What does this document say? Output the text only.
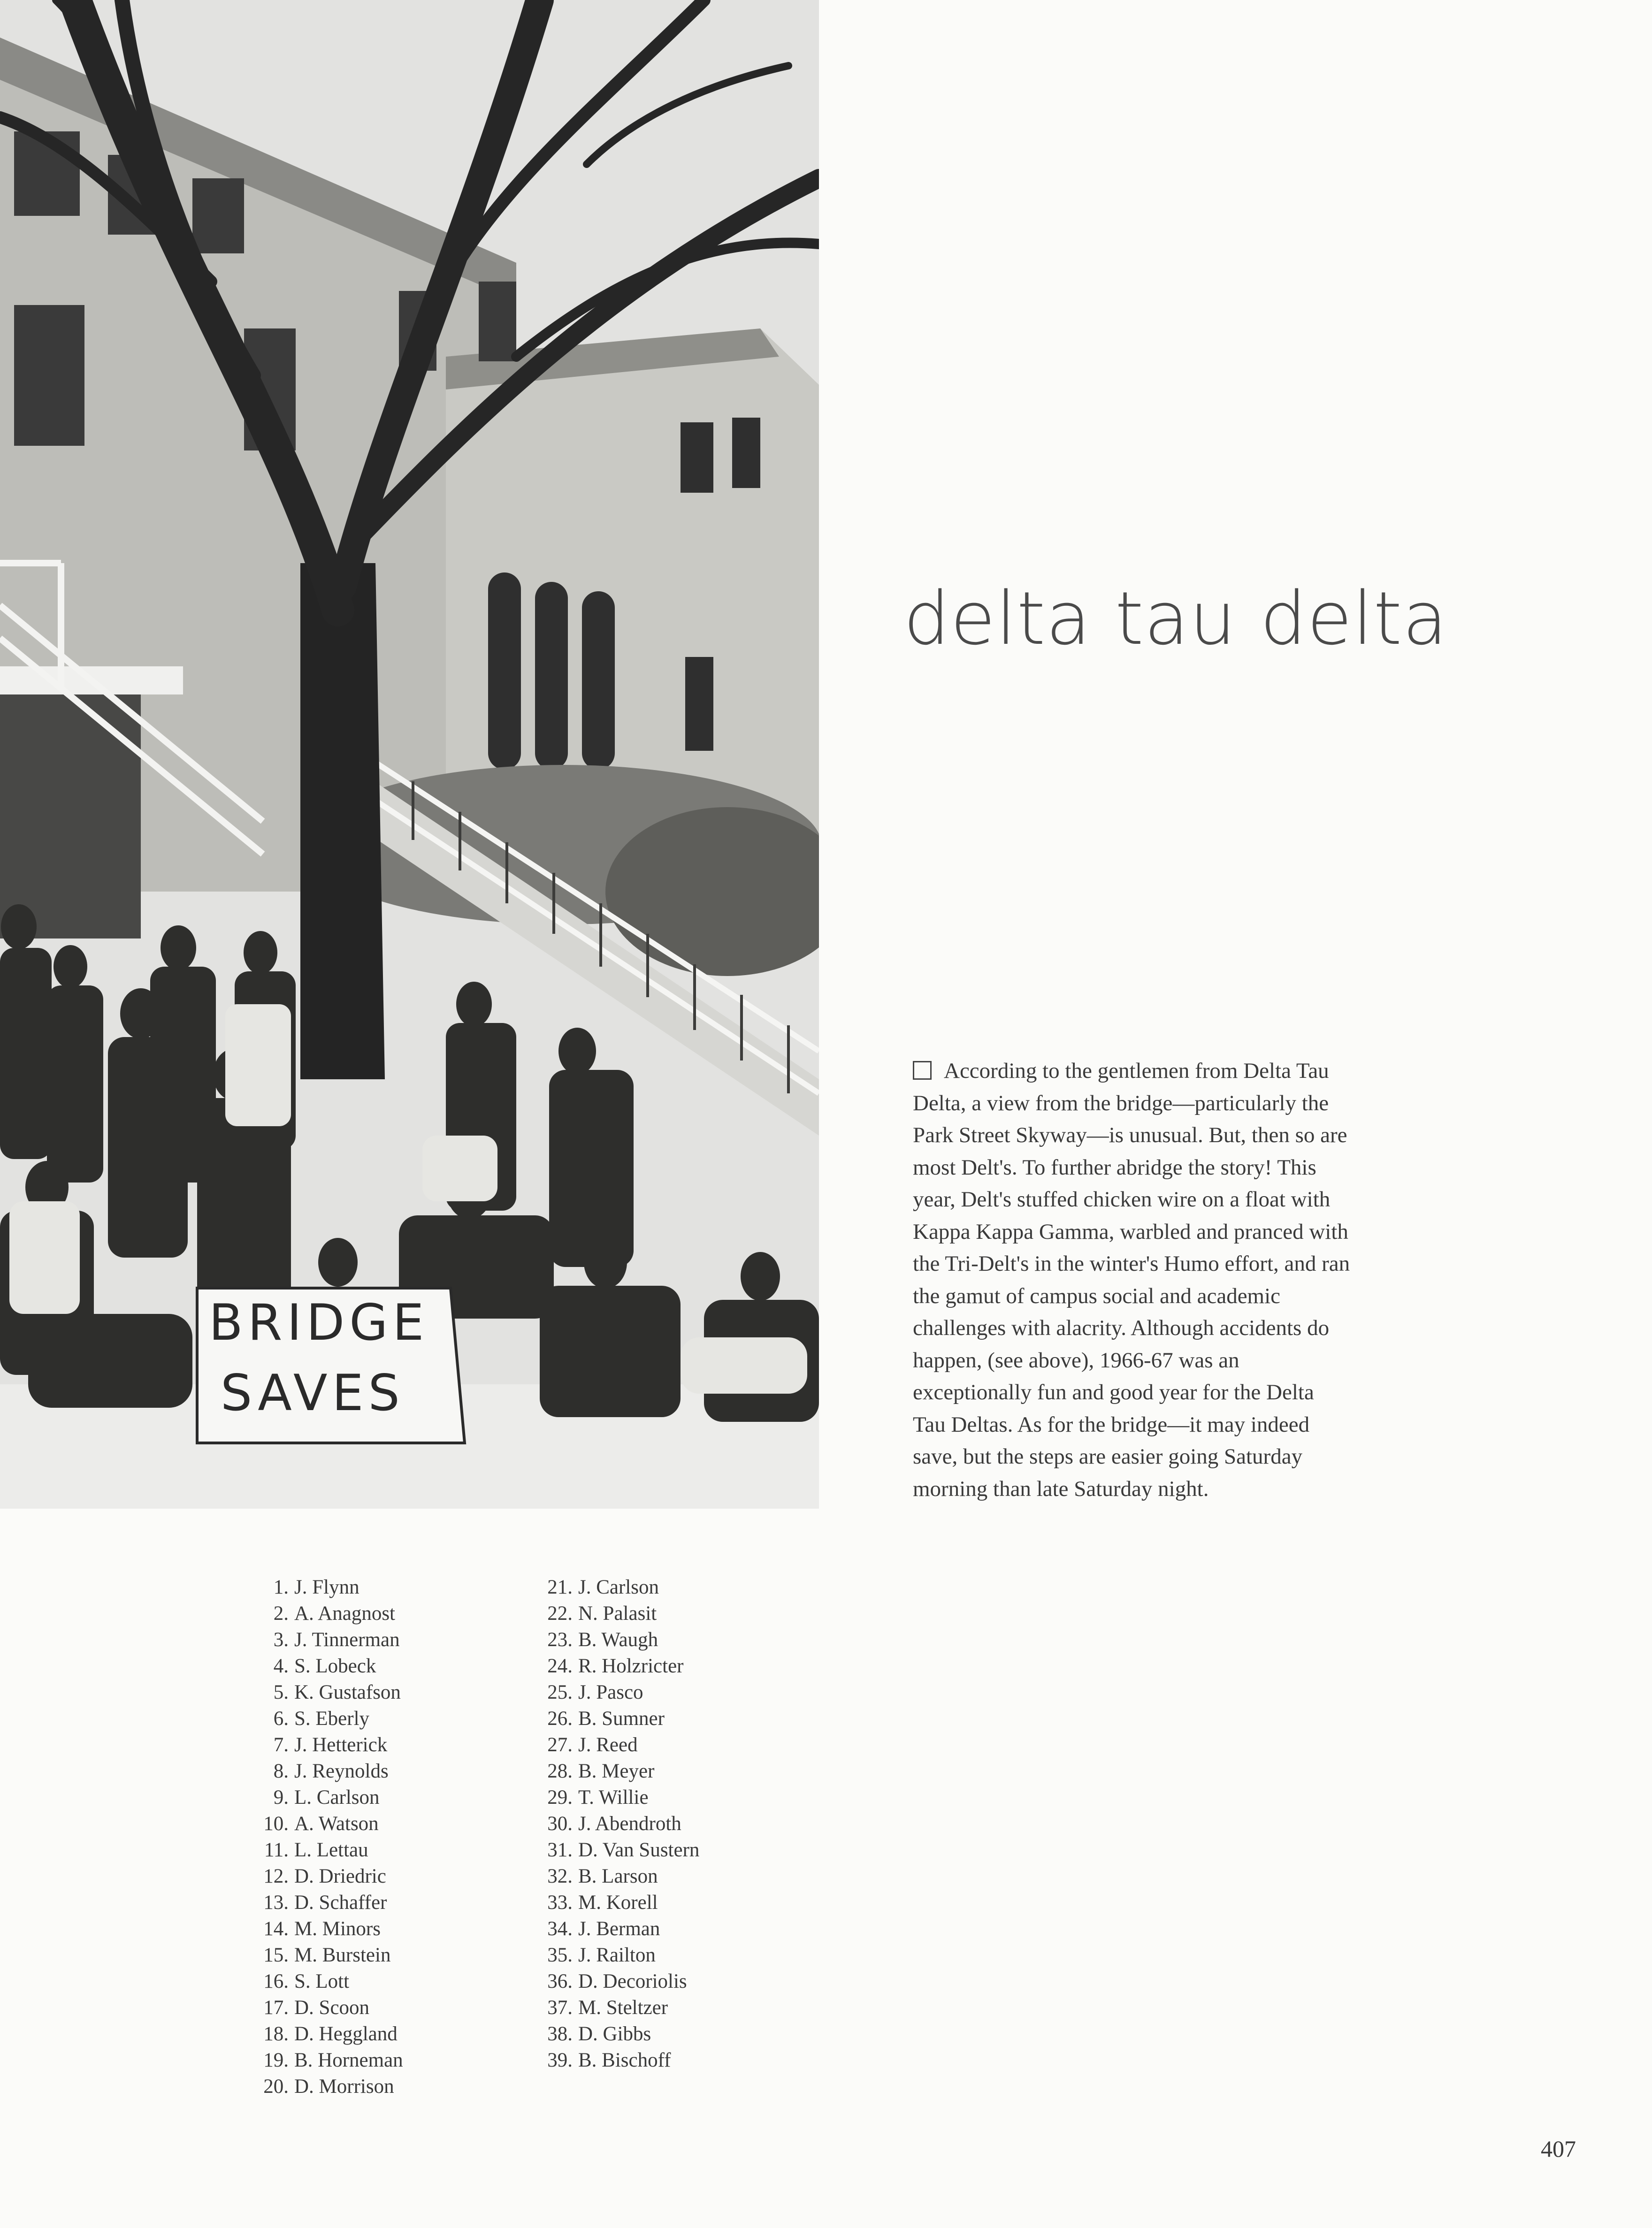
BRIDGE
SAVES
delta tau delta
According to the gentlemen from Delta Tau
Delta, a view from the bridge—particularly the
Park Street Skyway—is unusual. But, then so are
most Delt's. To further abridge the story! This
year, Delt's stuffed chicken wire on a float with
Kappa Kappa Gamma, warbled and pranced with
the Tri-Delt's in the winter's Humo effort, and ran
the gamut of campus social and academic
challenges with alacrity. Although accidents do
happen, (see above), 1966-67 was an
exceptionally fun and good year for the Delta
Tau Deltas. As for the bridge—it may indeed
save, but the steps are easier going Saturday
morning than late Saturday night.
1. J. Flynn
2. A. Anagnost
3. J. Tinnerman
4. S. Lobeck
5. K. Gustafson
6. S. Eberly
7. J. Hetterick
8. J. Reynolds
9. L. Carlson
10. A. Watson
11. L. Lettau
12. D. Driedric
13. D. Schaffer
14. M. Minors
15. M. Burstein
16. S. Lott
17. D. Scoon
18. D. Heggland
19. B. Horneman
20. D. Morrison
21. J. Carlson
22. N. Palasit
23. B. Waugh
24. R. Holzricter
25. J. Pasco
26. B. Sumner
27. J. Reed
28. B. Meyer
29. T. Willie
30. J. Abendroth
31. D. Van Sustern
32. B. Larson
33. M. Korell
34. J. Berman
35. J. Railton
36. D. Decoriolis
37. M. Steltzer
38. D. Gibbs
39. B. Bischoff
407
